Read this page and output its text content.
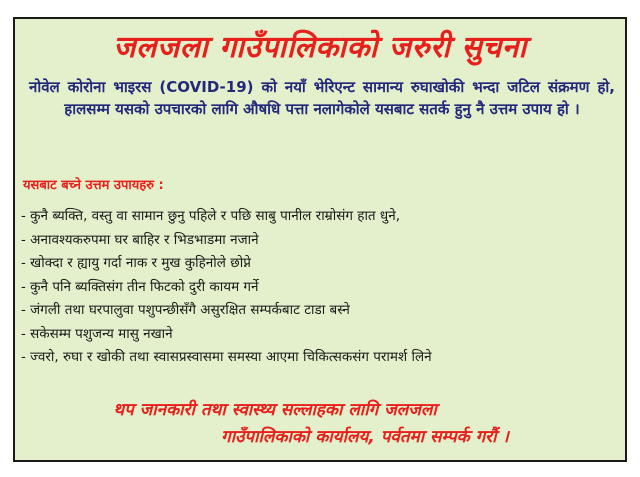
जलजला गाउँपालिकाको जरुरी सुचना
नोवेल कोरोना भाइरस (COVID-19) को नयाँ भेरिएन्ट सामान्य रुघाखोकी भन्दा जटिल संक्रमण हो, हालसम्म यसको उपचारको लागि औषधि पत्ता नलागेकोले यसबाट सतर्क हुनु नै उत्तम उपाय हो ।
यसबाट बच्ने उत्तम उपायहरु :
- कुनै ब्यक्ति, वस्तु वा सामान छुनु पहिले र पछि साबु पानील राम्रोसंग हात धुने,
- अनावश्यकरुपमा घर बाहिर र भिडभाडमा नजाने
- खोक्दा र ह्यायु गर्दा नाक र मुख कुहिनोले छोप्ने
- कुनै पनि ब्यक्तिसंग तीन फिटको दुरी कायम गर्ने
- जंगली तथा घरपालुवा पशुपन्छीसँगै असुरक्षित सम्पर्कबाट टाडा बस्ने
- सकेसम्म पशुजन्य मासु नखाने
- ज्वरो, रुघा र खोकी तथा स्वासप्रस्वासमा समस्या आएमा चिकित्सकसंग परामर्श लिने
थप जानकारी तथा स्वास्थ्य सल्लाहका लागि जलजला
गाउँपालिकाको कार्यालय, पर्वतमा सम्पर्क गरौं ।
